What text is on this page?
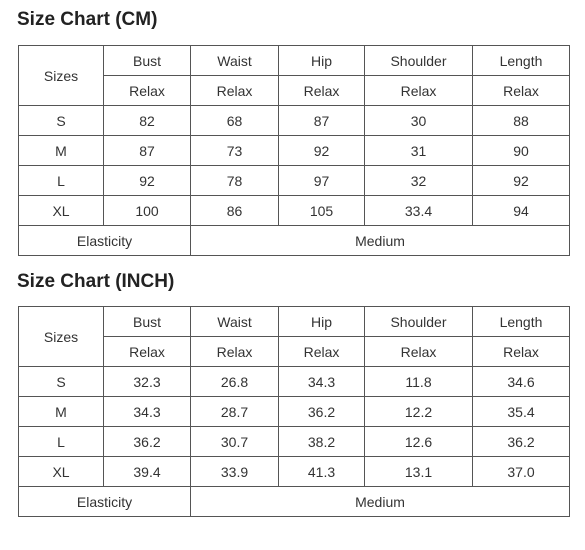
Size Chart (CM)
Sizes	Bust	Waist	Hip	Shoulder	Length
	Relax	Relax	Relax	Relax	Relax
S	82	68	87	30	88
M	87	73	92	31	90
L	92	78	97	32	92
XL	100	86	105	33.4	94
Elasticity		Medium			
Size Chart (INCH)
Sizes	Bust	Waist	Hip	Shoulder	Length
	Relax	Relax	Relax	Relax	Relax
S	32.3	26.8	34.3	11.8	34.6
M	34.3	28.7	36.2	12.2	35.4
L	36.2	30.7	38.2	12.6	36.2
XL	39.4	33.9	41.3	13.1	37.0
Elasticity		Medium			
